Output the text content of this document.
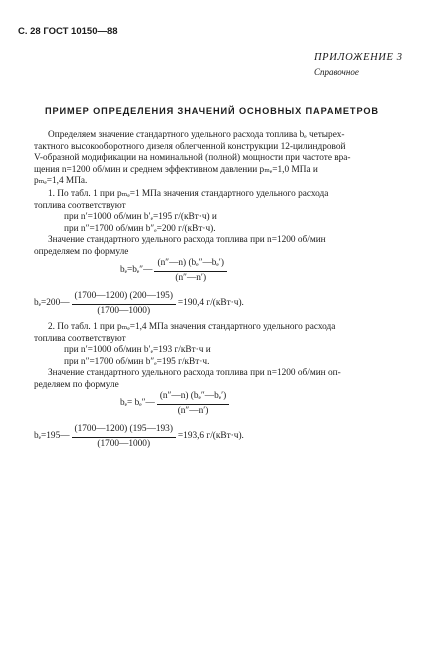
С. 28 ГОСТ 10150—88
ПРИЛОЖЕНИЕ 3
Справочное
ПРИМЕР ОПРЕДЕЛЕНИЯ ЗНАЧЕНИЙ ОСНОВНЫХ ПАРАМЕТРОВ
Определяем значение стандартного удельного расхода топлива bₑ четырех-
тактного высокооборотного дизеля облегченной конструкции 12-цилиндровой
V-образной модификации на номинальной (полной) мощности при частоте вра-
щения n=1200 об/мин и среднем эффективном давлении pₘₑ=1,0 МПа и
pₘₑ=1,4 МПа.
1. По табл. 1 при pₘₑ=1 МПа значения стандартного удельного расхода
топлива соответствуют
при n′=1000 об/мин b′ₑ=195 г/(кВт·ч) и
при n″=1700 об/мин b″ₑ=200 г/(кВт·ч).
Значение стандартного удельного расхода топлива при n=1200 об/мин
определяем по формуле
bₑ=bₑ″— $\frac{\text{(n″—n) (bₑ″—bₑ′)}}{(n''—n')}$
bₑ=200— $\frac{(1700—1200) (200—195)}{(1700—1000)} =190,4$ г/(кВт·ч).
2. По табл. 1 при pₘₑ=1,4 МПа значения стандартного удельного расхода
топлива соответствуют
при n′=1000 об/мин b′ₑ=193 г/кВт·ч и
при n″=1700 об/мин b″ₑ=195 г/кВт·ч.
Значение стандартного удельного расхода топлива при n=1200 об/мин оп-
ределяем по формуле
bₑ= bₑ″— $\frac{\text{(n″—n) (bₑ″—bₑ′)}}{(n''—n')}$
bₑ=195— $\frac{(1700—1200) (195—193)}{(1700—1000)} =193,6$ г/(кВт·ч).
